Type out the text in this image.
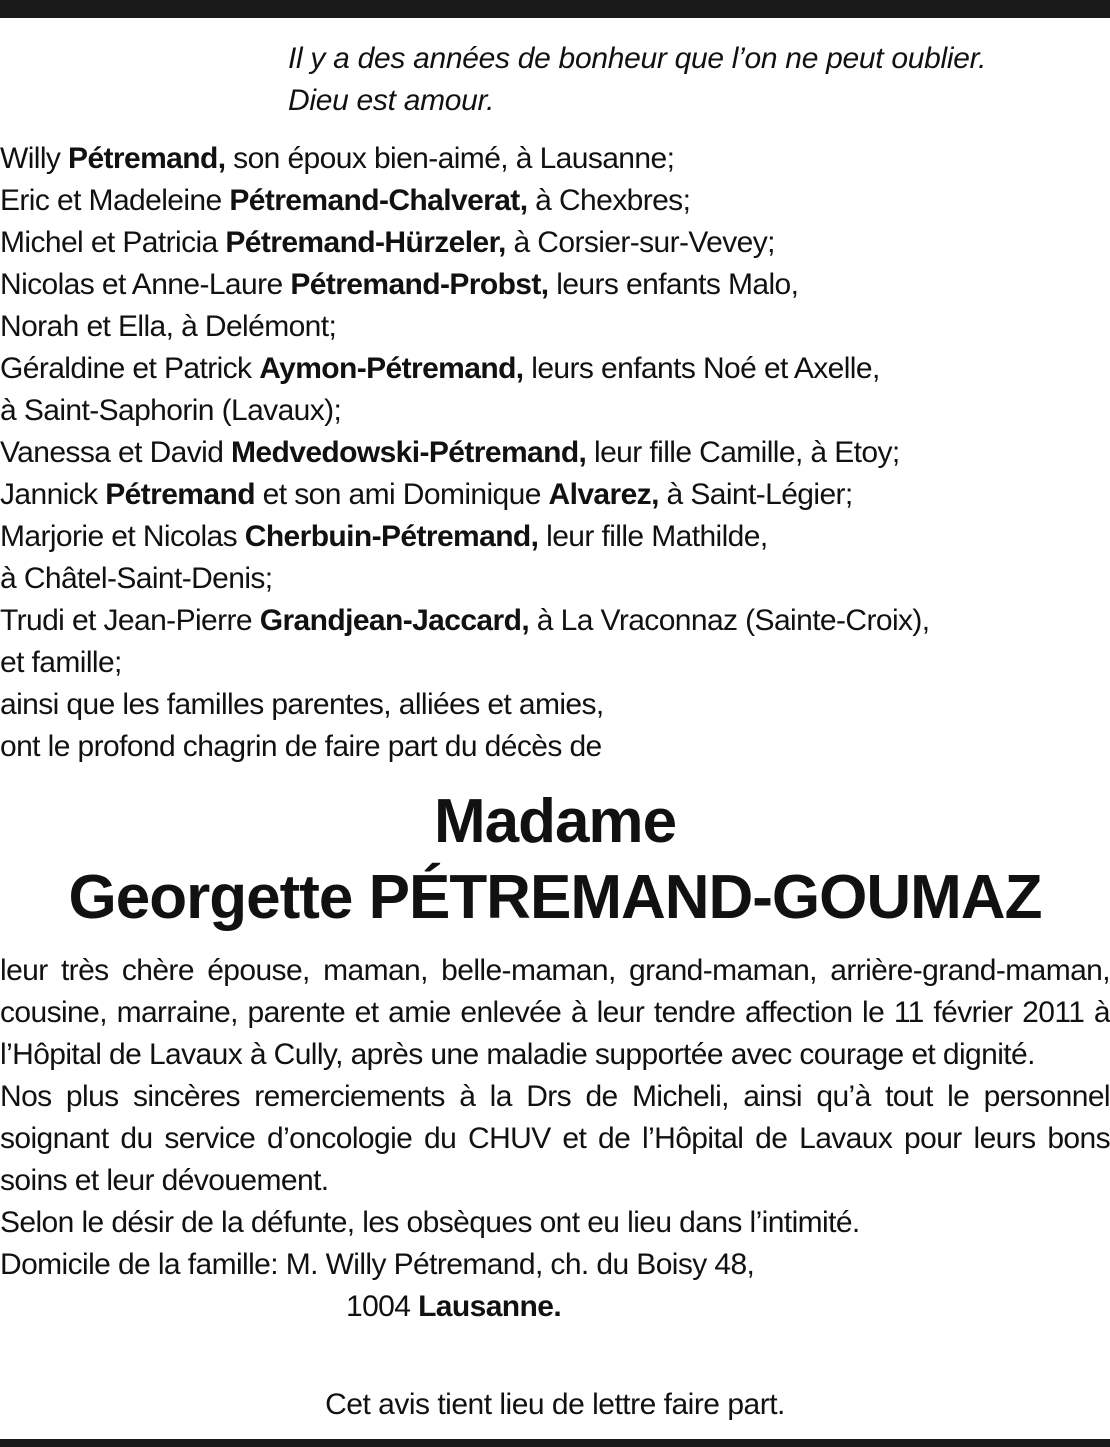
Il y a des années de bonheur que l’on ne peut oublier.
Dieu est amour.
Willy Pétremand, son époux bien-aimé, à Lausanne;
Eric et Madeleine Pétremand-Chalverat, à Chexbres;
Michel et Patricia Pétremand-Hürzeler, à Corsier-sur-Vevey;
Nicolas et Anne-Laure Pétremand-Probst, leurs enfants Malo,
Norah et Ella, à Delémont;
Géraldine et Patrick Aymon-Pétremand, leurs enfants Noé et Axelle,
à Saint-Saphorin (Lavaux);
Vanessa et David Medvedowski-Pétremand, leur fille Camille, à Etoy;
Jannick Pétremand et son ami Dominique Alvarez, à Saint-Légier;
Marjorie et Nicolas Cherbuin-Pétremand, leur fille Mathilde,
à Châtel-Saint-Denis;
Trudi et Jean-Pierre Grandjean-Jaccard, à La Vraconnaz (Sainte-Croix),
et famille;
ainsi que les familles parentes, alliées et amies,
ont le profond chagrin de faire part du décès de
Madame
Georgette PÉTREMAND-GOUMAZ
leur très chère épouse, maman, belle-maman, grand-maman, arrière-grand-maman, cousine, marraine, parente et amie enlevée à leur tendre affection le 11 février 2011 à l’Hôpital de Lavaux à Cully, après une maladie supportée avec courage et dignité.
Nos plus sincères remerciements à la Drs de Micheli, ainsi qu’à tout le personnel soignant du service d’oncologie du CHUV et de l’Hôpital de Lavaux pour leurs bons soins et leur dévouement.
Selon le désir de la défunte, les obsèques ont eu lieu dans l’intimité.
Domicile de la famille: M. Willy Pétremand, ch. du Boisy 48,
1004 Lausanne.
Cet avis tient lieu de lettre faire part.
